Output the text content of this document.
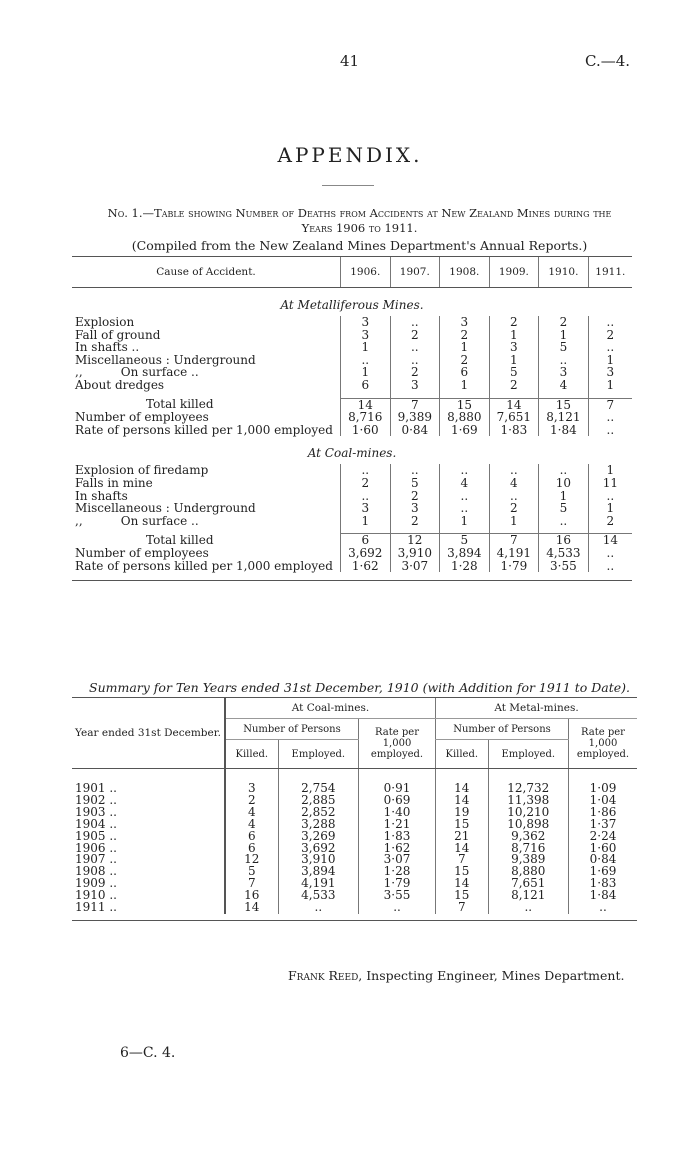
41	C.—4.
APPENDIX.
No. 1.—Table showing Number of Deaths from Accidents at New Zealand Mines during the
Years 1906 to 1911.
(Compiled from the New Zealand Mines Department's Annual Reports.)
Cause of Accident.	1906.	1907.	1908.	1909.	1910.	1911.
At Metalliferous Mines.						
Explosion	3	..	3	2	2	..
Fall of ground	3	2	2	1	1	2
In shafts ..	1	..	1	3	5	..
Miscellaneous : Underground	..	..	2	1	..	1
,,          On surface ..	1	2	6	5	3	3
About dredges	6	3	1	2	4	1

Total killed	14	7	15	14	15	7
Number of employees	8,716	9,389	8,880	7,651	8,121	..
Rate of persons killed per 1,000 employed	1·60	0·84	1·69	1·83	1·84	..
At Coal-mines.						
Explosion of firedamp	..	..	..	..	..	1
Falls in mine	2	5	4	4	10	11
In shafts	..	2	..	..	1	..
Miscellaneous : Underground	3	3	..	2	5	1
,,          On surface ..	1	2	1	1	..	2

Total killed	6	12	5	7	16	14
Number of employees	3,692	3,910	3,894	4,191	4,533	..
Rate of persons killed per 1,000 employed	1·62	3·07	1·28	1·79	3·55	..

Summary for Ten Years ended 31st December, 1910 (with Addition for 1911 to Date).
Year ended 31st December.	At Coal-mines.			At Metal-mines.		
	Number of Persons		Rate per 1,000 employed.	Number of Persons		Rate per 1,000 employed.
	Killed.	Employed.		Killed.	Employed.	

1901 ..	3	2,754	0·91	14	12,732	1·09
1902 ..	2	2,885	0·69	14	11,398	1·04
1903 ..	4	2,852	1·40	19	10,210	1·86
1904 ..	4	3,288	1·21	15	10,898	1·37
1905 ..	6	3,269	1·83	21	9,362	2·24
1906 ..	6	3,692	1·62	14	8,716	1·60
1907 ..	12	3,910	3·07	7	9,389	0·84
1908 ..	5	3,894	1·28	15	8,880	1·69
1909 ..	7	4,191	1·79	14	7,651	1·83
1910 ..	16	4,533	3·55	15	8,121	1·84
1911 ..	14	..	..	7	..	..

Frank Reed, Inspecting Engineer, Mines Department.
6—C. 4.
